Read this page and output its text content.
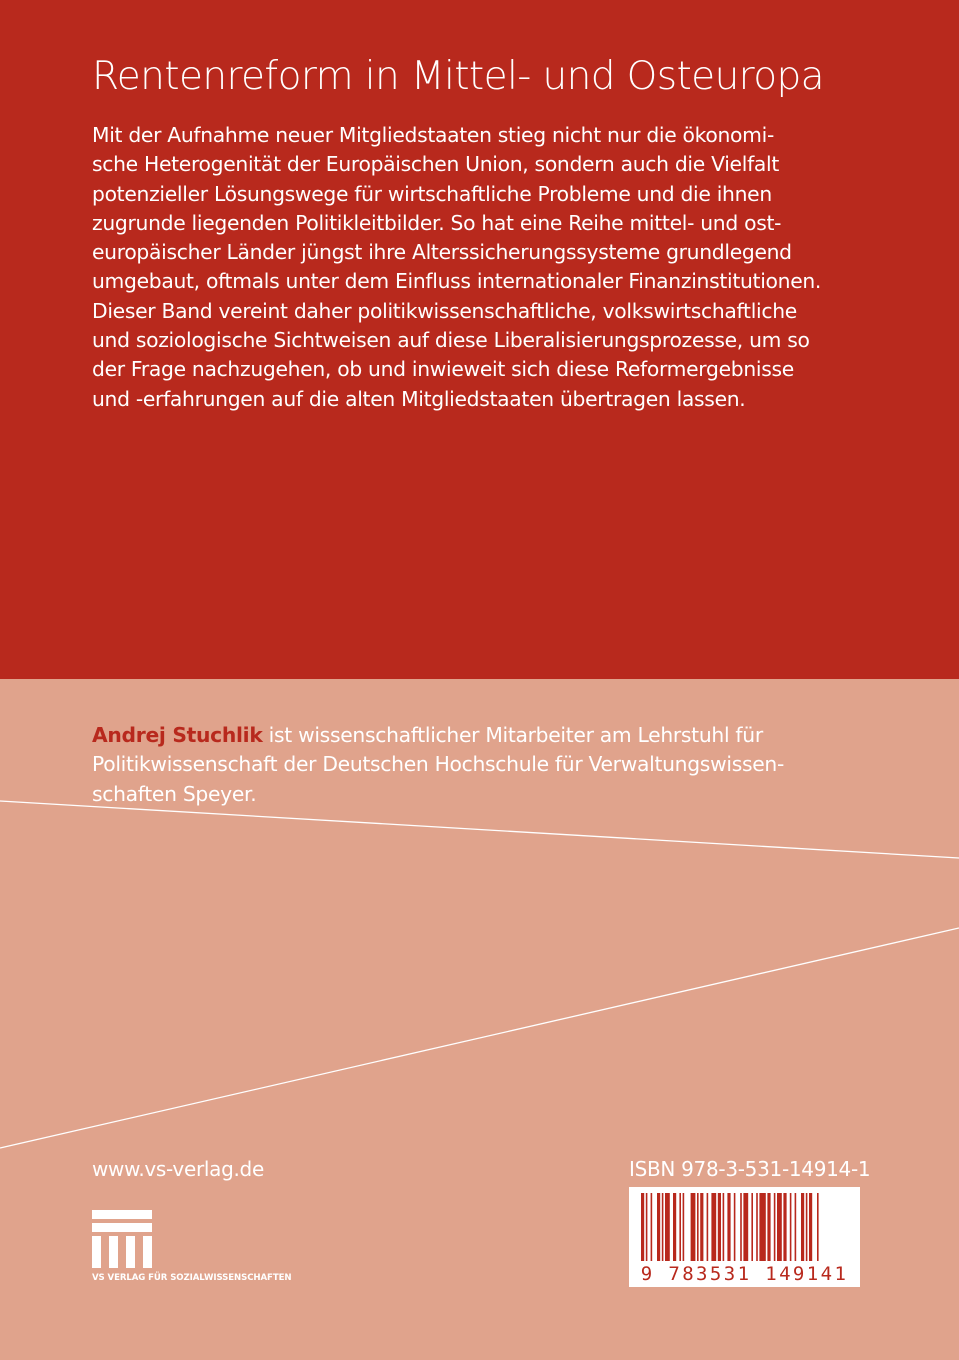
Rentenreform in Mittel- und Osteuropa
Mit der Aufnahme neuer Mitgliedstaaten stieg nicht nur die ökonomi-
sche Heterogenität der Europäischen Union, sondern auch die Vielfalt
potenzieller Lösungswege für wirtschaftliche Probleme und die ihnen
zugrunde liegenden Politikleitbilder. So hat eine Reihe mittel- und ost-
europäischer Länder jüngst ihre Alterssicherungssysteme grundlegend
umgebaut, oftmals unter dem Einfluss internationaler Finanzinstitutionen.
Dieser Band vereint daher politikwissenschaftliche, volkswirtschaftliche
und soziologische Sichtweisen auf diese Liberalisierungsprozesse, um so
der Frage nachzugehen, ob und inwieweit sich diese Reformergebnisse
und -erfahrungen auf die alten Mitgliedstaaten übertragen lassen.
Andrej Stuchlik ist wissenschaftlicher Mitarbeiter am Lehrstuhl für
Politikwissenschaft der Deutschen Hochschule für Verwaltungswissen-
schaften Speyer.
www.vs-verlag.de
VS VERLAG FÜR SOZIALWISSENSCHAFTEN
ISBN 978-3-531-14914-1
9 783531 149141
